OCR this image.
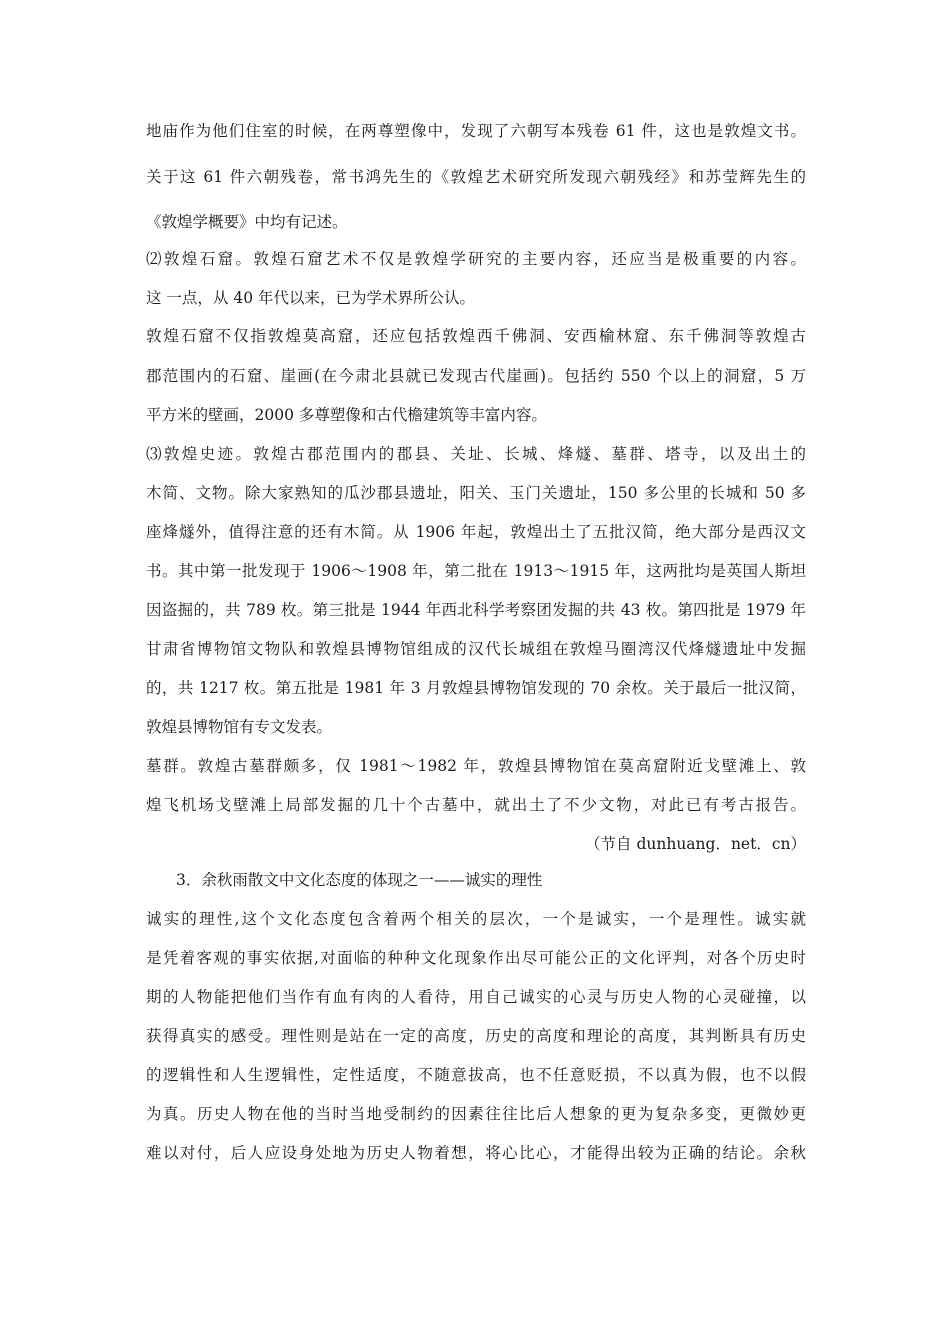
地庙作为他们住室的时候，在两尊塑像中，发现了六朝写本残卷 61 件，这也是敦煌文书。
关于这 61 件六朝残卷，常书鸿先生的《敦煌艺术研究所发现六朝残经》和苏莹辉先生的
《敦煌学概要》中均有记述。
⑵敦煌石窟。敦煌石窟艺术不仅是敦煌学研究的主要内容，还应当是极重要的内容。
这 一点，从 40 年代以来，已为学术界所公认。
敦煌石窟不仅指敦煌莫高窟，还应包括敦煌西千佛洞、安西榆林窟、东千佛洞等敦煌古
郡范围内的石窟、崖画(在今肃北县就已发现古代崖画)。包括约 550 个以上的洞窟，5 万
平方米的壁画，2000 多尊塑像和古代檐建筑等丰富内容。
⑶敦煌史迹。敦煌古郡范围内的郡县、关址、长城、烽燧、墓群、塔寺，以及出土的
木简、文物。除大家熟知的瓜沙郡县遗址，阳关、玉门关遗址，150 多公里的长城和 50 多
座烽燧外，值得注意的还有木简。从 1906 年起，敦煌出土了五批汉简，绝大部分是西汉文
书。其中第一批发现于 1906～1908 年，第二批在 1913～1915 年，这两批均是英国人斯坦
因盗掘的，共 789 枚。第三批是 1944 年西北科学考察团发掘的共 43 枚。第四批是 1979 年
甘肃省博物馆文物队和敦煌县博物馆组成的汉代长城组在敦煌马圈湾汉代烽燧遗址中发掘
的，共 1217 枚。第五批是 1981 年 3 月敦煌县博物馆发现的 70 余枚。关于最后一批汉简，
敦煌县博物馆有专文发表。
墓群。敦煌古墓群颇多，仅 1981～1982 年，敦煌县博物馆在莫高窟附近戈壁滩上、敦
煌飞机场戈壁滩上局部发掘的几十个古墓中，就出土了不少文物，对此已有考古报告。
（节自 dunhuang．net．cn）
3．余秋雨散文中文化态度的体现之一——诚实的理性
诚实的理性,这个文化态度包含着两个相关的层次，一个是诚实，一个是理性。诚实就
是凭着客观的事实依据,对面临的种种文化现象作出尽可能公正的文化评判，对各个历史时
期的人物能把他们当作有血有肉的人看待，用自己诚实的心灵与历史人物的心灵碰撞，以
获得真实的感受。理性则是站在一定的高度，历史的高度和理论的高度，其判断具有历史
的逻辑性和人生逻辑性，定性适度，不随意拔高，也不任意贬损，不以真为假，也不以假
为真。历史人物在他的当时当地受制约的因素往往比后人想象的更为复杂多变，更微妙更
难以对付，后人应设身处地为历史人物着想，将心比心，才能得出较为正确的结论。余秋
